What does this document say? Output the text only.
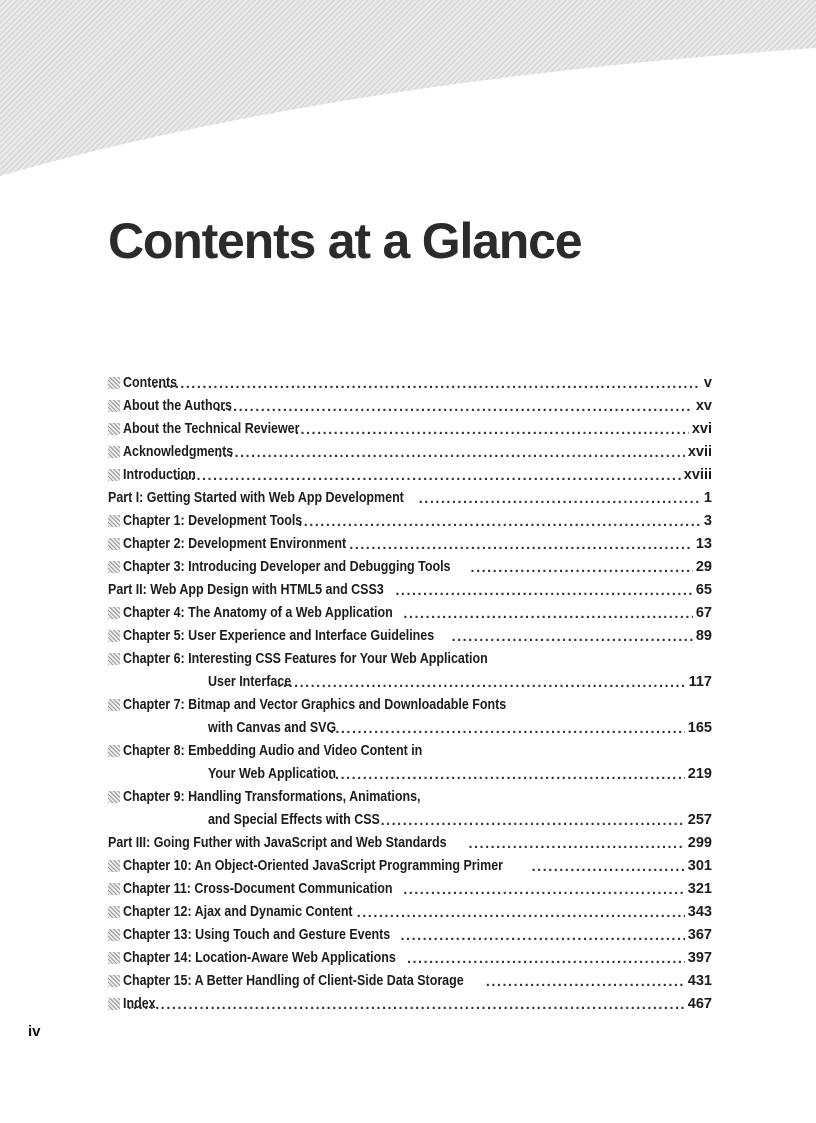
Contents at a Glance
Contents .....	v
About the Authors .....	xv
About the Technical Reviewer .....	xvi
Acknowledgments .....	xvii
Introduction .....	xviii
Part I: Getting Started with Web App Development .....	1
Chapter 1: Development Tools .....	3
Chapter 2: Development Environment .....	13
Chapter 3: Introducing Developer and Debugging Tools .....	29
Part II: Web App Design with HTML5 and CSS3 .....	65
Chapter 4: The Anatomy of a Web Application .....	67
Chapter 5: User Experience and Interface Guidelines .....	89
Chapter 6: Interesting CSS Features for Your Web Application
User Interface .....	117
Chapter 7: Bitmap and Vector Graphics and Downloadable Fonts
with Canvas and SVG .....	165
Chapter 8: Embedding Audio and Video Content in
Your Web Application .....	219
Chapter 9: Handling Transformations, Animations,
and Special Effects with CSS .....	257
Part III: Going Futher with JavaScript and Web Standards .....	299
Chapter 10: An Object-Oriented JavaScript Programming Primer .....	301
Chapter 11: Cross-Document Communication .....	321
Chapter 12: Ajax and Dynamic Content .....	343
Chapter 13: Using Touch and Gesture Events .....	367
Chapter 14: Location-Aware Web Applications .....	397
Chapter 15: A Better Handling of Client-Side Data Storage .....	431
Index .....	467
iv
